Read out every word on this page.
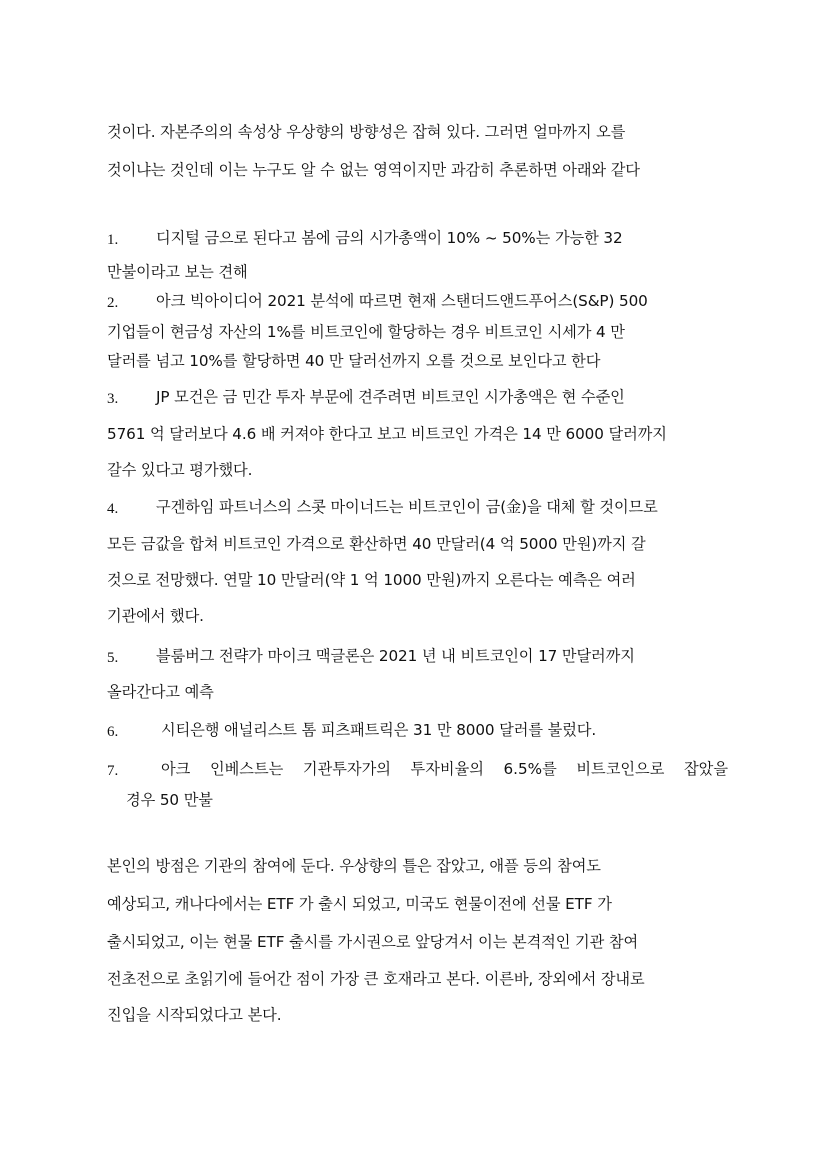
것이다. 자본주의의 속성상 우상향의 방향성은 잡혀 있다. 그러면 얼마까지 오를
것이냐는 것인데 이는 누구도 알 수 없는 영역이지만 과감히 추론하면 아래와 같다
1. 디지털 금으로 된다고 봄에 금의 시가총액이 10% ~ 50%는 가능한 32
만불이라고 보는 견해
2. 아크 빅아이디어 2021 분석에 따르면 현재 스탠더드앤드푸어스(S&P) 500
기업들이 현금성 자산의 1%를 비트코인에 할당하는 경우 비트코인 시세가 4 만
달러를 넘고 10%를 할당하면 40 만 달러선까지 오를 것으로 보인다고 한다
3. JP 모건은 금 민간 투자 부문에 견주려면 비트코인 시가총액은 현 수준인
5761 억 달러보다 4.6 배 커져야 한다고 보고 비트코인 가격은 14 만 6000 달러까지
갈수 있다고 평가했다.
4. 구겐하임 파트너스의 스콧 마이너드는 비트코인이 금(金)을 대체 할 것이므로
모든 금값을 합쳐 비트코인 가격으로 환산하면 40 만달러(4 억 5000 만원)까지 갈
것으로 전망했다. 연말 10 만달러(약 1 억 1000 만원)까지 오른다는 예측은 여러
기관에서 했다.
5. 블룸버그 전략가 마이크 맥글론은 2021 년 내 비트코인이 17 만달러까지
올라간다고 예측
6.	시티은행 애널리스트 톰 피츠패트릭은 31 만 8000 달러를 불렀다.
7.	아크 인베스트는 기관투자가의 투자비율의 6.5%를 비트코인으로 잡았을
경우 50 만불
본인의 방점은 기관의 참여에 둔다. 우상향의 틀은 잡았고, 애플 등의 참여도
예상되고, 캐나다에서는 ETF 가 출시 되었고, 미국도 현물이전에 선물 ETF 가
출시되었고, 이는 현물 ETF 출시를 가시권으로 앞당겨서 이는 본격적인 기관 참여
전초전으로 초읽기에 들어간 점이 가장 큰 호재라고 본다. 이른바, 장외에서 장내로
진입을 시작되었다고 본다.
